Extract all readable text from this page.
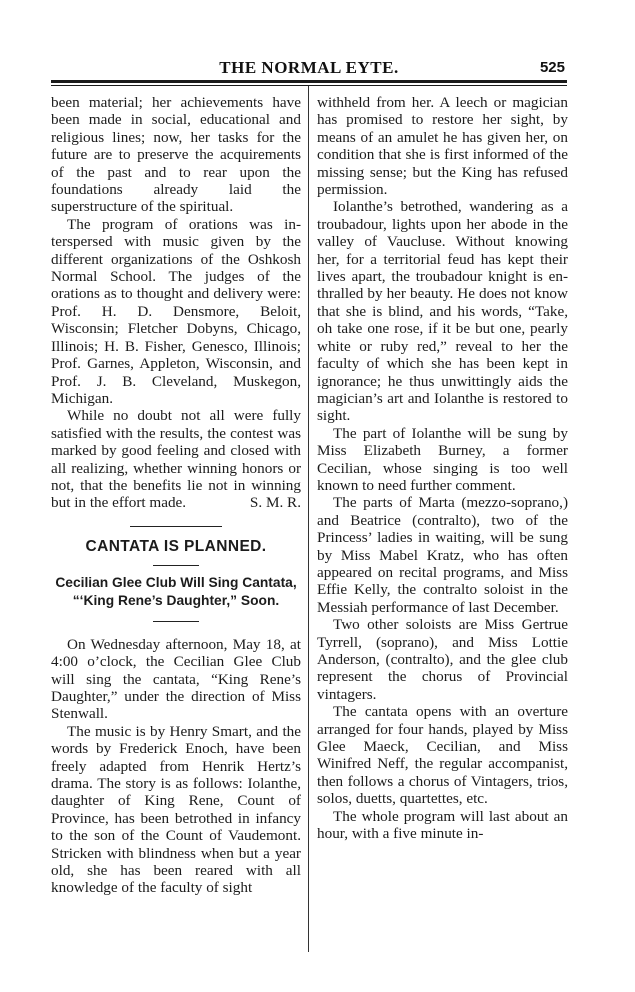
THE NORMAL EYTE.	525

been material; her achievements have been made in social, educational and religious lines; now, her tasks for the future are to preserve the acquirements of the past and to rear upon the foundations already laid the superstructure of the spiritual.

The program of orations was interspersed with music given by the different organizations of the Oshkosh Normal School. The judges of the orations as to thought and delivery were: Prof. H. D. Densmore, Beloit, Wisconsin; Fletcher Dobyns, Chicago, Illinois; H. B. Fisher, Genesco, Illinois; Prof. Garnes, Appleton, Wisconsin, and Prof. J. B. Cleveland, Muskegon, Michigan.

While no doubt not all were fully satisfied with the results, the contest was marked by good feeling and closed with all realizing, whether winning honors or not, that the benefits lie not in winning but in the effort made.	S. M. R.

CANTATA IS PLANNED.
Cecilian Glee Club Will Sing Cantata, “‘King Rene’s Daughter,” Soon.

On Wednesday afternoon, May 18, at 4:00 o’clock, the Cecilian Glee Club will sing the cantata, “King Rene’s Daughter,” under the direction of Miss Stenwall.

The music is by Henry Smart, and the words by Frederick Enoch, have been freely adapted from Henrik Hertz’s drama. The story is as follows: Iolanthe, daughter of King Rene, Count of Province, has been betrothed in infancy to the son of the Count of Vaudemont. Stricken with blindness when but a year old, she has been reared with all knowledge of the faculty of sight

withheld from her. A leech or magician has promised to restore her sight, by means of an amulet he has given her, on condition that she is first informed of the missing sense; but the King has refused permission.

Iolanthe’s betrothed, wandering as a troubadour, lights upon her abode in the valley of Vaucluse. Without knowing her, for a territorial feud has kept their lives apart, the troubadour knight is enthralled by her beauty. He does not know that she is blind, and his words, “Take, oh take one rose, if it be but one, pearly white or ruby red,” reveal to her the faculty of which she has been kept in ignorance; he thus unwittingly aids the magician’s art and Iolanthe is restored to sight.

The part of Iolanthe will be sung by Miss Elizabeth Burney, a former Cecilian, whose singing is too well known to need further comment.

The parts of Marta (mezzo-soprano,) and Beatrice (contralto), two of the Princess’ ladies in waiting, will be sung by Miss Mabel Kratz, who has often appeared on recital programs, and Miss Effie Kelly, the contralto soloist in the Messiah performance of last December.

Two other soloists are Miss Gertrue Tyrrell, (soprano), and Miss Lottie Anderson, (contralto), and the glee club represent the chorus of Provincial vintagers.

The cantata opens with an overture arranged for four hands, played by Miss Glee Maeck, Cecilian, and Miss Winifred Neff, the regular accompanist, then follows a chorus of Vintagers, trios, solos, duetts, quartettes, etc.

The whole program will last about an hour, with a five minute in-
